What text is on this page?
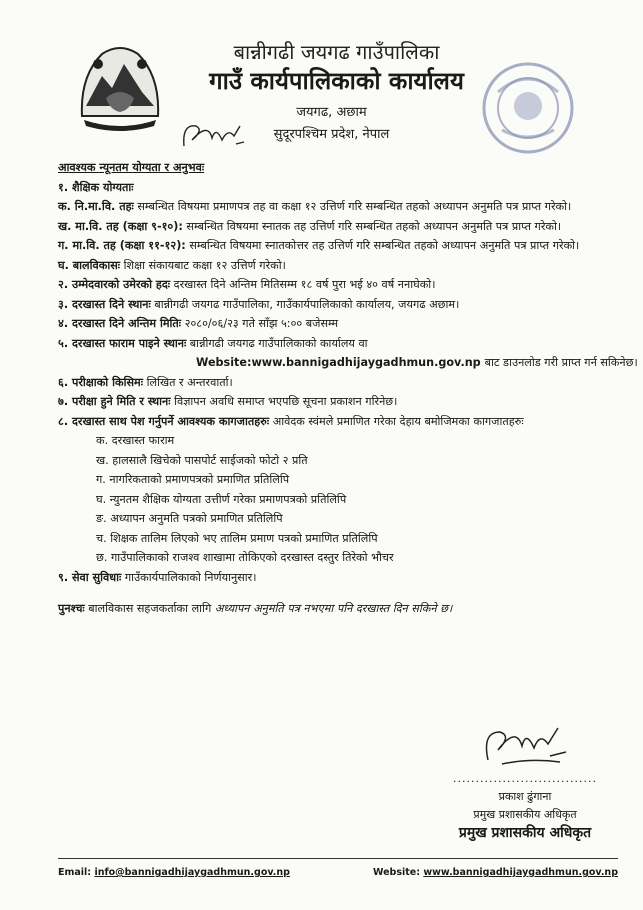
बान्नीगढी जयगढ गाउँपालिका
गाउँ कार्यपालिकाको कार्यालय
जयगढ, अछाम
सुदूरपश्चिम प्रदेश, नेपाल
आवश्यक न्यूनतम योग्यता र अनुभवः
१. शैक्षिक योग्यताः
क. नि.मा.वि. तहः सम्बन्धित विषयमा प्रमाणपत्र तह वा कक्षा १२ उत्तिर्ण गरि सम्बन्धित तहको अध्यापन अनुमति पत्र प्राप्त गरेको।
ख. मा.वि. तह (कक्षा ९-१०): सम्बन्धित विषयमा स्नातक तह उत्तिर्ण गरि सम्बन्धित तहको अध्यापन अनुमति पत्र प्राप्त गरेको।
ग. मा.वि. तह (कक्षा ११-१२): सम्बन्धित विषयमा स्नातकोत्तर तह उत्तिर्ण गरि सम्बन्धित तहको अध्यापन अनुमति पत्र प्राप्त गरेको।
घ. बालविकासः शिक्षा संकायबाट कक्षा १२ उत्तिर्ण गरेको।
२. उम्मेदवारको उमेरको हदः दरखास्त दिने अन्तिम मितिसम्म १८ वर्ष पुरा भई ४० वर्ष ननाघेको।
३. दरखास्त दिने स्थानः बान्नीगढी जयगढ गाउँपालिका, गाउँकार्यपालिकाको कार्यालय, जयगढ अछाम।
४. दरखास्त दिने अन्तिम मितिः २०८०/०६/२३ गते साँझ ५:०० बजेसम्म
५. दरखास्त फाराम पाइने स्थानः बान्नीगढी जयगढ गाउँपालिकाको कार्यालय वा
Website:www.bannigadhijaygadhmun.gov.np बाट डाउनलोड गरी प्राप्त गर्न सकिनेछ।
६. परीक्षाको किसिमः लिखित र अन्तरवार्ता।
७. परीक्षा हुने मिति र स्थानः विज्ञापन अवधि समाप्त भएपछि सूचना प्रकाशन गरिनेछ।
८. दरखास्त साथ पेश गर्नुपर्ने आवश्यक कागजातहरुः आवेदक स्वंमले प्रमाणित गरेका देहाय बमोजिमका कागजातहरुः
क. दरखास्त फाराम
ख. हालसालै खिचेको पासपोर्ट साईजको फोटो २ प्रति
ग. नागरिकताको प्रमाणपत्रको प्रमाणित प्रतिलिपि
घ. न्युनतम शैक्षिक योग्यता उत्तीर्ण गरेका प्रमाणपत्रको प्रतिलिपि
ङ. अध्यापन अनुमति पत्रको प्रमाणित प्रतिलिपि
च. शिक्षक तालिम लिएको भए तालिम प्रमाण पत्रको प्रमाणित प्रतिलिपि
छ. गाउँपालिकाको राजश्व शाखामा तोकिएको दरखास्त दस्तुर तिरेको भौचर
९. सेवा सुविधाः गाउँकार्यपालिकाको निर्णयानुसार।
पुनश्चः बालविकास सहजकर्ताका लागि अध्यापन अनुमति पत्र नभएमा पनि दरखास्त दिन सकिने छ।
................................
प्रकाश ढुंगाना
प्रमुख प्रशासकीय अधिकृत
प्रमुख प्रशासकीय अधिकृत
Email: info@bannigadhijaygadhmun.gov.np	Website: www.bannigadhijaygadhmun.gov.np
